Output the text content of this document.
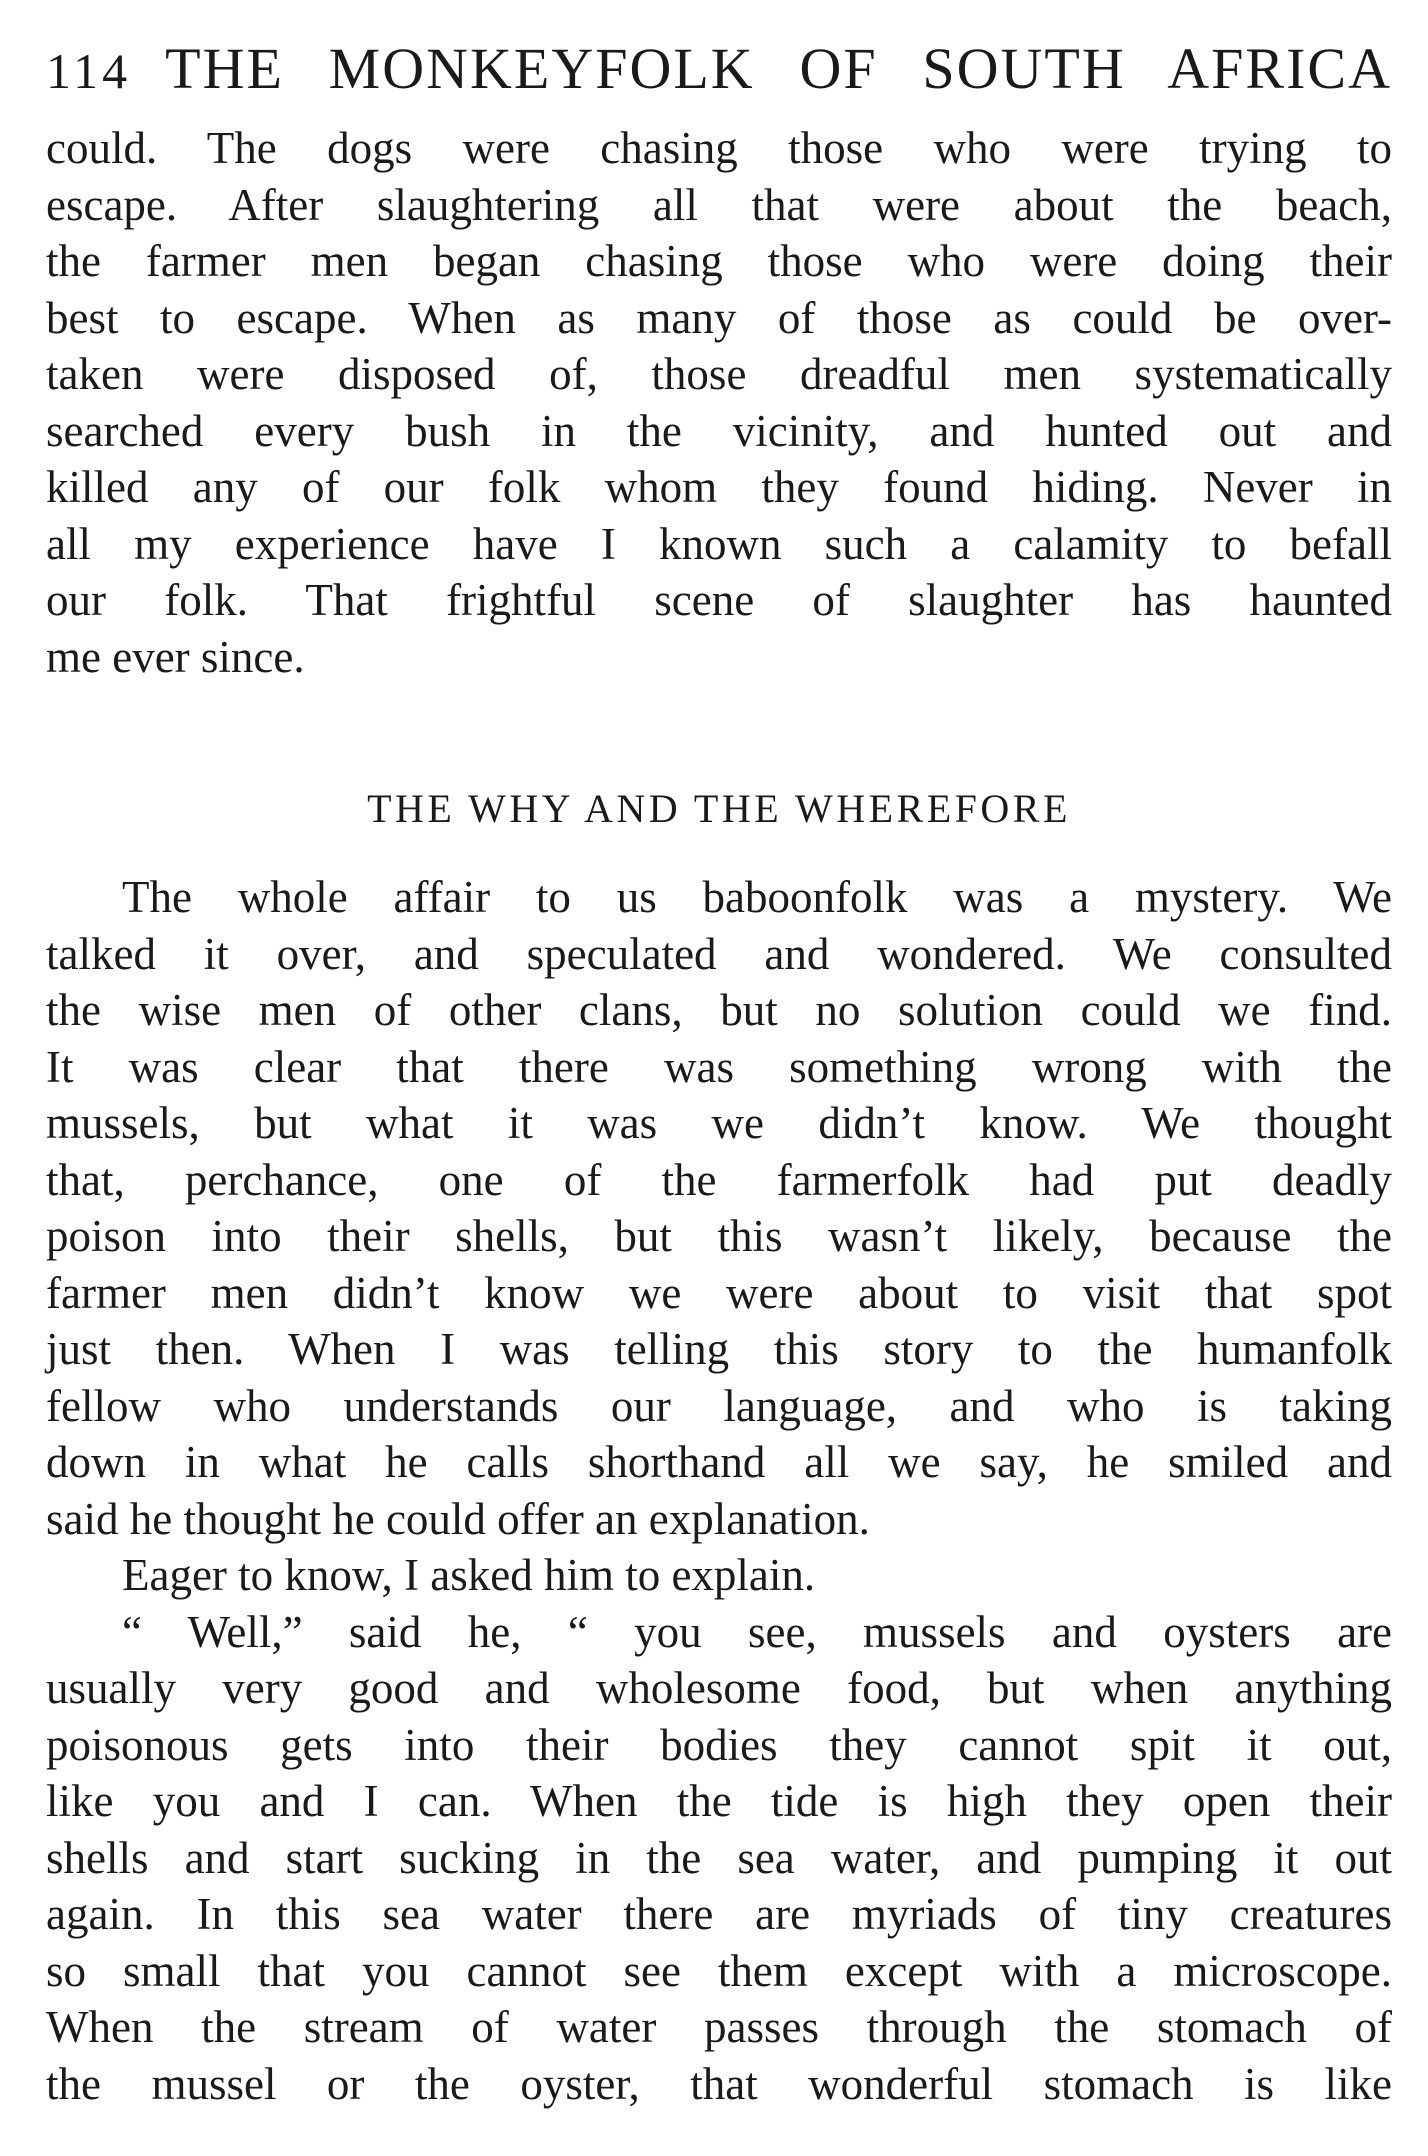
114 THE MONKEYFOLK OF SOUTH AFRICA
could. The dogs were chasing those who were trying to
escape. After slaughtering all that were about the beach,
the farmer men began chasing those who were doing their
best to escape. When as many of those as could be over-
taken were disposed of, those dreadful men systematically
searched every bush in the vicinity, and hunted out and
killed any of our folk whom they found hiding. Never in
all my experience have I known such a calamity to befall
our folk. That frightful scene of slaughter has haunted
me ever since.
THE WHY AND THE WHEREFORE
The whole affair to us baboonfolk was a mystery. We
talked it over, and speculated and wondered. We consulted
the wise men of other clans, but no solution could we find.
It was clear that there was something wrong with the
mussels, but what it was we didn’t know. We thought
that, perchance, one of the farmerfolk had put deadly
poison into their shells, but this wasn’t likely, because the
farmer men didn’t know we were about to visit that spot
just then. When I was telling this story to the humanfolk
fellow who understands our language, and who is taking
down in what he calls shorthand all we say, he smiled and
said he thought he could offer an explanation.
Eager to know, I asked him to explain.
“ Well,” said he, “ you see, mussels and oysters are
usually very good and wholesome food, but when anything
poisonous gets into their bodies they cannot spit it out,
like you and I can. When the tide is high they open their
shells and start sucking in the sea water, and pumping it out
again. In this sea water there are myriads of tiny creatures
so small that you cannot see them except with a microscope.
When the stream of water passes through the stomach of
the mussel or the oyster, that wonderful stomach is like
